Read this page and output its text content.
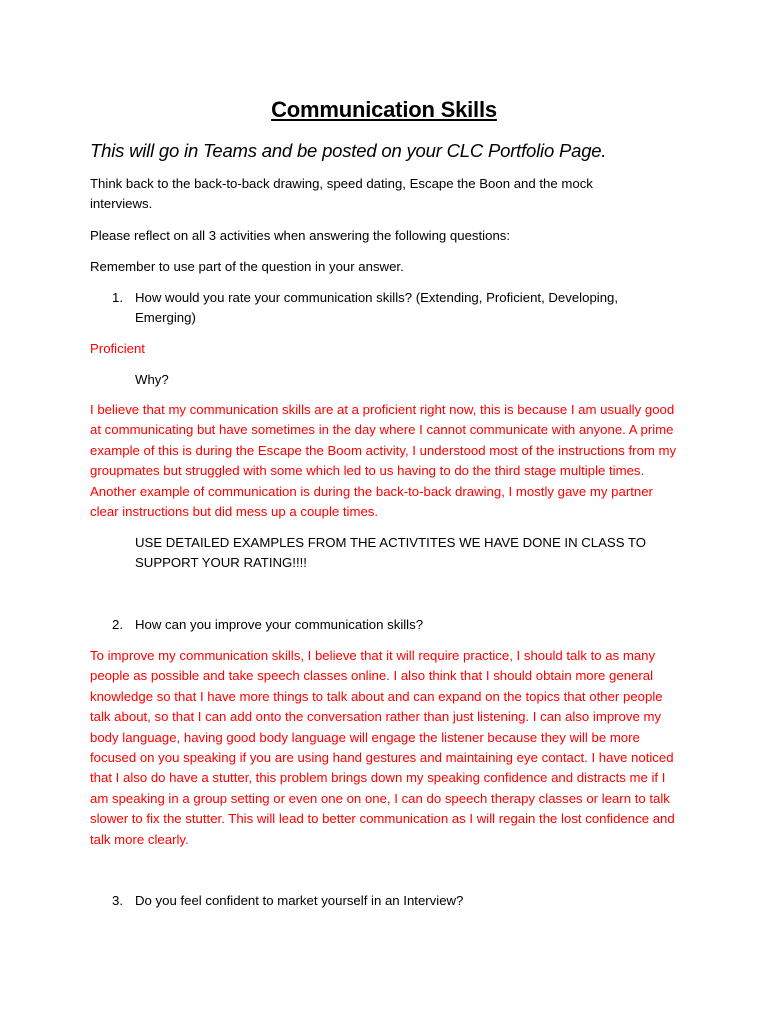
Communication Skills
This will go in Teams and be posted on your CLC Portfolio Page.
Think back to the back-to-back drawing, speed dating, Escape the Boon and the mock interviews.
Please reflect on all 3 activities when answering the following questions:
Remember to use part of the question in your answer.
1. How would you rate your communication skills? (Extending, Proficient, Developing, Emerging)
Proficient
Why?
I believe that my communication skills are at a proficient right now, this is because I am usually good at communicating but have sometimes in the day where I cannot communicate with anyone. A prime example of this is during the Escape the Boom activity, I understood most of the instructions from my groupmates but struggled with some which led to us having to do the third stage multiple times. Another example of communication is during the back-to-back drawing, I mostly gave my partner clear instructions but did mess up a couple times.
USE DETAILED EXAMPLES FROM THE ACTIVTITES WE HAVE DONE IN CLASS TO SUPPORT YOUR RATING!!!!
2. How can you improve your communication skills?
To improve my communication skills, I believe that it will require practice, I should talk to as many people as possible and take speech classes online. I also think that I should obtain more general knowledge so that I have more things to talk about and can expand on the topics that other people talk about, so that I can add onto the conversation rather than just listening. I can also improve my body language, having good body language will engage the listener because they will be more focused on you speaking if you are using hand gestures and maintaining eye contact. I have noticed that I also do have a stutter, this problem brings down my speaking confidence and distracts me if I am speaking in a group setting or even one on one, I can do speech therapy classes or learn to talk slower to fix the stutter. This will lead to better communication as I will regain the lost confidence and talk more clearly.
3. Do you feel confident to market yourself in an Interview?
